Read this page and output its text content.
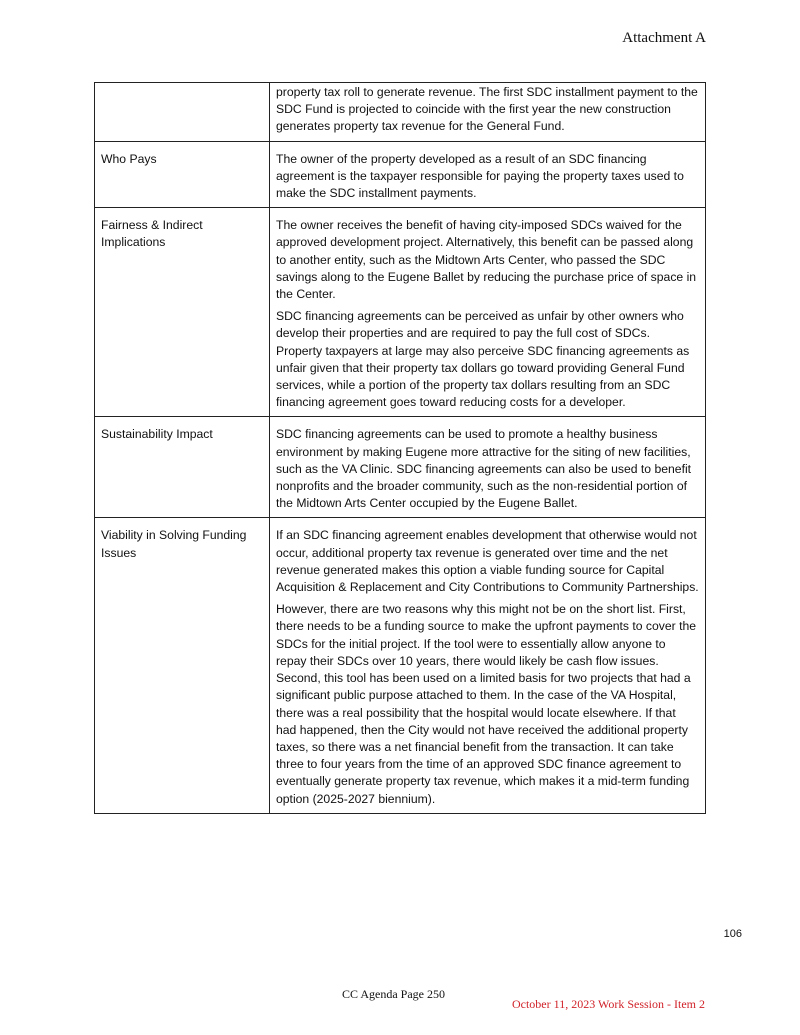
Attachment A

	property tax roll to generate revenue. The first SDC installment payment to the SDC Fund is projected to coincide with the first year the new construction generates property tax revenue for the General Fund.

Who Pays	The owner of the property developed as a result of an SDC financing agreement is the taxpayer responsible for paying the property taxes used to make the SDC installment payments.

Fairness & Indirect Implications	The owner receives the benefit of having city-imposed SDCs waived for the approved development project. Alternatively, this benefit can be passed along to another entity, such as the Midtown Arts Center, who passed the SDC savings along to the Eugene Ballet by reducing the purchase price of space in the Center.

SDC financing agreements can be perceived as unfair by other owners who develop their properties and are required to pay the full cost of SDCs. Property taxpayers at large may also perceive SDC financing agreements as unfair given that their property tax dollars go toward providing General Fund services, while a portion of the property tax dollars resulting from an SDC financing agreement goes toward reducing costs for a developer.

Sustainability Impact	SDC financing agreements can be used to promote a healthy business environment by making Eugene more attractive for the siting of new facilities, such as the VA Clinic. SDC financing agreements can also be used to benefit nonprofits and the broader community, such as the non-residential portion of the Midtown Arts Center occupied by the Eugene Ballet.

Viability in Solving Funding Issues	If an SDC financing agreement enables development that otherwise would not occur, additional property tax revenue is generated over time and the net revenue generated makes this option a viable funding source for Capital Acquisition & Replacement and City Contributions to Community Partnerships.

However, there are two reasons why this might not be on the short list. First, there needs to be a funding source to make the upfront payments to cover the SDCs for the initial project. If the tool were to essentially allow anyone to repay their SDCs over 10 years, there would likely be cash flow issues. Second, this tool has been used on a limited basis for two projects that had a significant public purpose attached to them. In the case of the VA Hospital, there was a real possibility that the hospital would locate elsewhere. If that had happened, then the City would not have received the additional property taxes, so there was a net financial benefit from the transaction. It can take three to four years from the time of an approved SDC finance agreement to eventually generate property tax revenue, which makes it a mid-term funding option (2025-2027 biennium).

106
CC Agenda Page 250
October 11, 2023 Work Session - Item 2
